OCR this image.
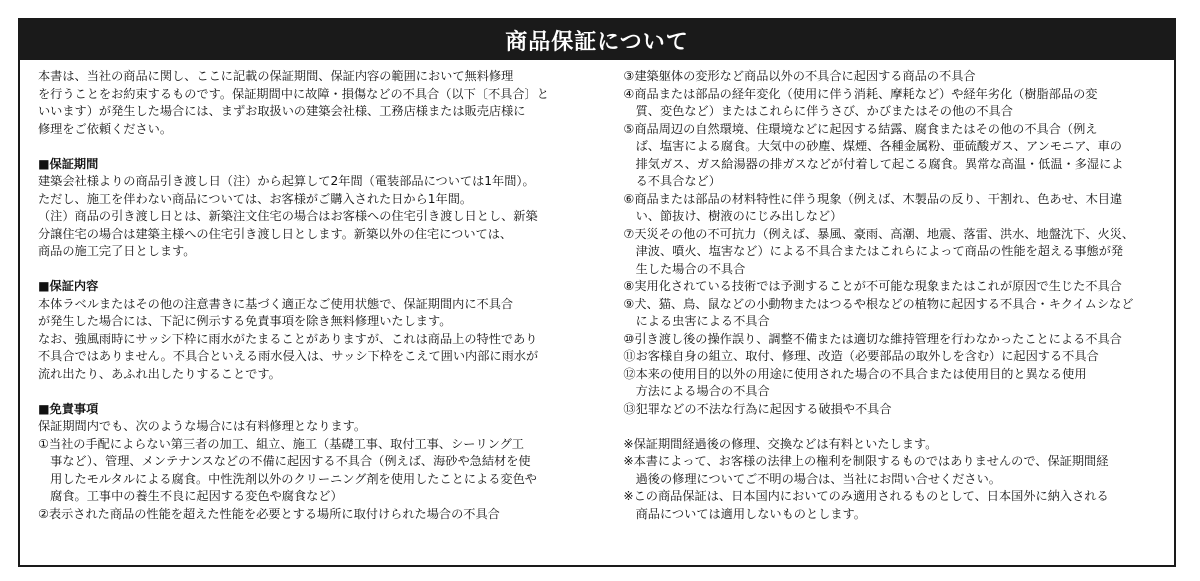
商品保証について

本書は、当社の商品に関し、ここに記載の保証期間、保証内容の範囲において無料修理
を行うことをお約束するものです。保証期間中に故障・損傷などの不具合（以下〔不具合〕と
いいます）が発生した場合には、まずお取扱いの建築会社様、工務店様または販売店様に
修理をご依頼ください。

■保証期間

建築会社様よりの商品引き渡し日（注）から起算して2年間（電装部品については1年間）。
ただし、施工を伴わない商品については、お客様がご購入された日から1年間。
（注）商品の引き渡し日とは、新築注文住宅の場合はお客様への住宅引き渡し日とし、新築
分譲住宅の場合は建築主様への住宅引き渡し日とします。新築以外の住宅については、
商品の施工完了日とします。

■保証内容

本体ラベルまたはその他の注意書きに基づく適正なご使用状態で、保証期間内に不具合
が発生した場合には、下記に例示する免責事項を除き無料修理いたします。
なお、強風雨時にサッシ下枠に雨水がたまることがありますが、これは商品上の特性であり
不具合ではありません。不具合といえる雨水侵入は、サッシ下枠をこえて囲い内部に雨水が
流れ出たり、あふれ出したりすることです。

■免責事項

保証期間内でも、次のような場合には有料修理となります。

①当社の手配によらない第三者の加工、組立、施工（基礎工事、取付工事、シーリング工
　事など）、管理、メンテナンスなどの不備に起因する不具合（例えば、海砂や急結材を使
　用したモルタルによる腐食。中性洗剤以外のクリーニング剤を使用したことによる変色や
　腐食。工事中の養生不良に起因する変色や腐食など）

②表示された商品の性能を超えた性能を必要とする場所に取付けられた場合の不具合

③建築躯体の変形など商品以外の不具合に起因する商品の不具合

④商品または部品の経年変化（使用に伴う消耗、摩耗など）や経年劣化（樹脂部品の変
　質、変色など）またはこれらに伴うさび、かびまたはその他の不具合

⑤商品周辺の自然環境、住環境などに起因する結露、腐食またはその他の不具合（例え
　ば、塩害による腐食。大気中の砂塵、煤煙、各種金属粉、亜硫酸ガス、アンモニア、車の
　排気ガス、ガス給湯器の排ガスなどが付着して起こる腐食。異常な高温・低温・多湿によ
　る不具合など）

⑥商品または部品の材料特性に伴う現象（例えば、木製品の反り、干割れ、色あせ、木目違
　い、節抜け、樹液のにじみ出しなど）

⑦天災その他の不可抗力（例えば、暴風、豪雨、高潮、地震、落雷、洪水、地盤沈下、火災、
　津波、噴火、塩害など）による不具合またはこれらによって商品の性能を超える事態が発
　生した場合の不具合

⑧実用化されている技術では予測することが不可能な現象またはこれが原因で生じた不具合

⑨犬、猫、鳥、鼠などの小動物またはつるや根などの植物に起因する不具合・キクイムシなど
　による虫害による不具合

⑩引き渡し後の操作誤り、調整不備または適切な維持管理を行わなかったことによる不具合

⑪お客様自身の組立、取付、修理、改造（必要部品の取外しを含む）に起因する不具合

⑫本来の使用目的以外の用途に使用された場合の不具合または使用目的と異なる使用
　方法による場合の不具合

⑬犯罪などの不法な行為に起因する破損や不具合

※保証期間経過後の修理、交換などは有料といたします。

※本書によって、お客様の法律上の権利を制限するものではありませんので、保証期間経
　過後の修理についてご不明の場合は、当社にお問い合せください。

※この商品保証は、日本国内においてのみ適用されるものとして、日本国外に納入される
　商品については適用しないものとします。
